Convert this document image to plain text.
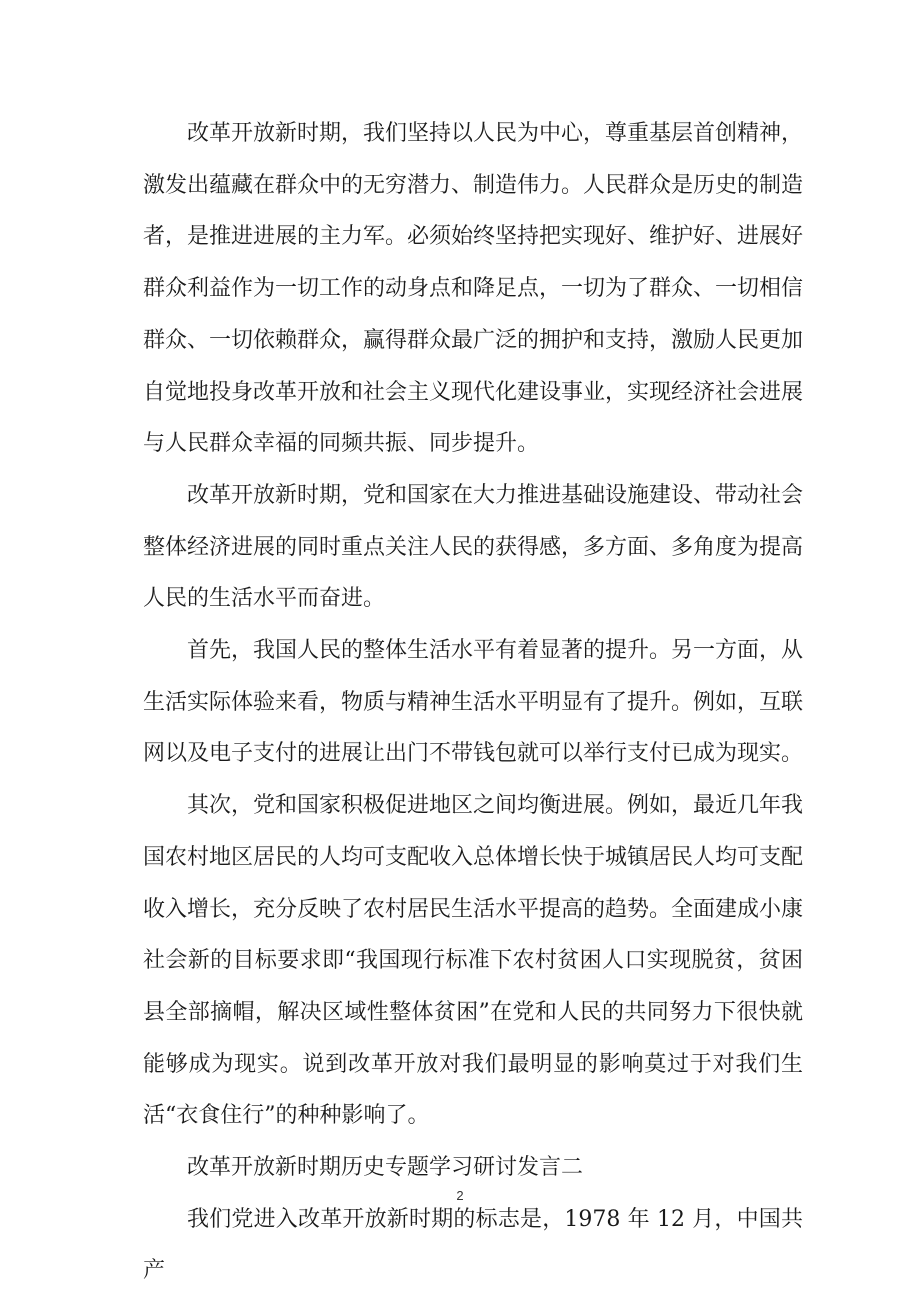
改革开放新时期，我们坚持以人民为中心，尊重基层首创精神，激发出蕴藏在群众中的无穷潜力、制造伟力。人民群众是历史的制造者，是推进进展的主力军。必须始终坚持把实现好、维护好、进展好群众利益作为一切工作的动身点和降足点，一切为了群众、一切相信群众、一切依赖群众，赢得群众最广泛的拥护和支持，激励人民更加自觉地投身改革开放和社会主义现代化建设事业，实现经济社会进展与人民群众幸福的同频共振、同步提升。

改革开放新时期，党和国家在大力推进基础设施建设、带动社会整体经济进展的同时重点关注人民的获得感，多方面、多角度为提高人民的生活水平而奋进。

首先，我国人民的整体生活水平有着显著的提升。另一方面，从生活实际体验来看，物质与精神生活水平明显有了提升。例如，互联网以及电子支付的进展让出门不带钱包就可以举行支付已成为现实。

其次，党和国家积极促进地区之间均衡进展。例如，最近几年我国农村地区居民的人均可支配收入总体增长快于城镇居民人均可支配收入增长，充分反映了农村居民生活水平提高的趋势。全面建成小康社会新的目标要求即“我国现行标准下农村贫困人口实现脱贫，贫困县全部摘帽，解决区域性整体贫困”在党和人民的共同努力下很快就能够成为现实。说到改革开放对我们最明显的影响莫过于对我们生活“衣食住行”的种种影响了。

改革开放新时期历史专题学习研讨发言二

我们党进入改革开放新时期的标志是，1978 年 12 月，中国共产

2
